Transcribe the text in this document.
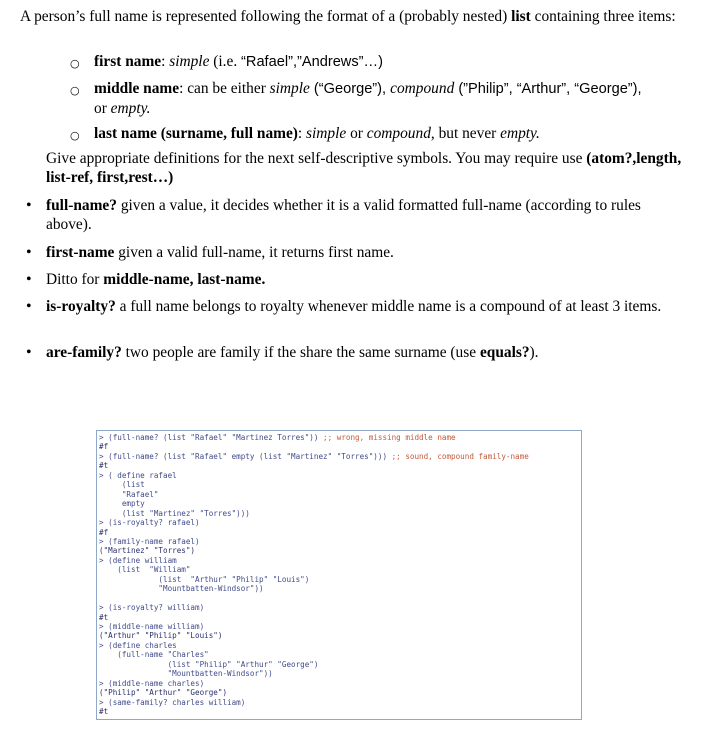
A person’s full name is represented following the format of a (probably nested) list containing three items:

○ first name: simple (i.e. “Rafael”,”Andrews”…)
○ middle name: can be either simple (“George”), compound (”Philip”, “Arthur”, “George”),
or empty.
○ last name (surname, full name): simple or compound, but never empty.

Give appropriate definitions for the next self-descriptive symbols. You may require use (atom?,length, list-ref, first,rest…)

• full-name? given a value, it decides whether it is a valid formatted full-name (according to rules above).
• first-name given a valid full-name, it returns first name.
• Ditto for middle-name, last-name.
• is-royalty? a full name belongs to royalty whenever middle name is a compound of at least 3 items.
• are-family? two people are family if the share the same surname (use equals?).
> (full-name? (list "Rafael" "Martinez Torres")) ;; wrong, missing middle name
#f
> (full-name? (list "Rafael" empty (list "Martinez" "Torres"))) ;; sound, compound family-name
#t
> ( define rafael
(list
"Rafael"
empty
(list "Martinez" "Torres")))
> (is-royalty? rafael)
#f
> (family-name rafael)
("Martinez" "Torres")
> (define william
(list  "William"
(list  "Arthur" "Philip" "Louis")
"Mountbatten-Windsor"))
> (is-royalty? william)
#t
> (middle-name william)
("Arthur" "Philip" "Louis")
> (define charles
(full-name "Charles"
(list "Philip" "Arthur" "George")
"Mountbatten-Windsor"))
> (middle-name charles)
("Philip" "Arthur" "George")
> (same-family? charles william)
#t
